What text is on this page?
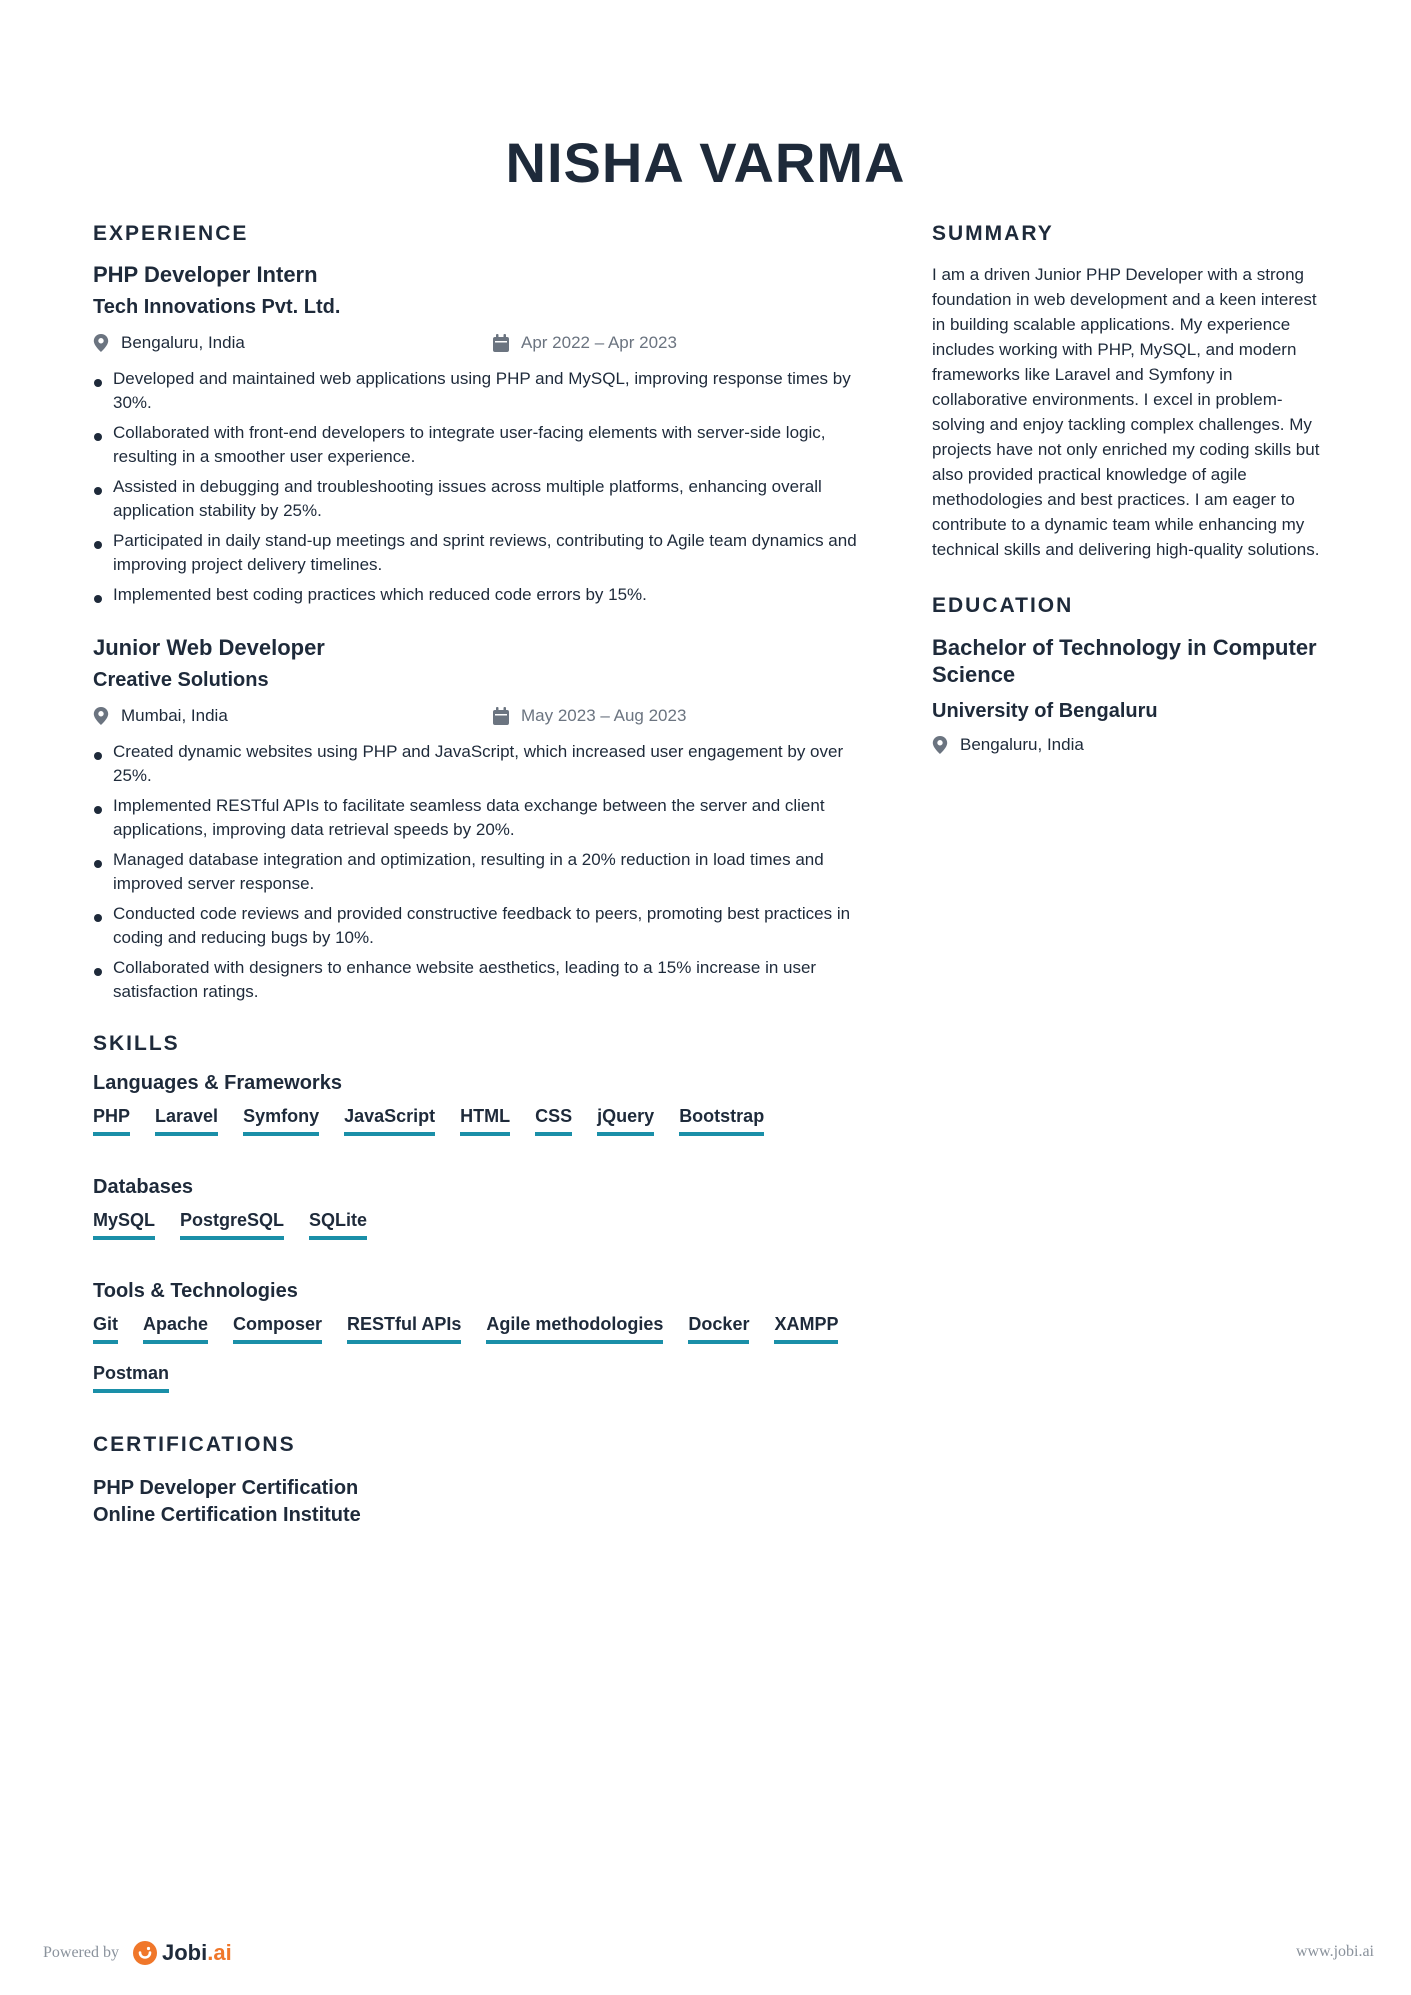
NISHA VARMA
EXPERIENCE
PHP Developer Intern

Tech Innovations Pvt. Ltd.

Bengaluru, India	Apr 2022 – Apr 2023
Developed and maintained web applications using PHP and MySQL, improving response times by 30%.
Collaborated with front-end developers to integrate user-facing elements with server-side logic, resulting in a smoother user experience.
Assisted in debugging and troubleshooting issues across multiple platforms, enhancing overall application stability by 25%.
Participated in daily stand-up meetings and sprint reviews, contributing to Agile team dynamics and improving project delivery timelines.
Implemented best coding practices which reduced code errors by 15%.
Junior Web Developer

Creative Solutions

Mumbai, India	May 2023 – Aug 2023
Created dynamic websites using PHP and JavaScript, which increased user engagement by over 25%.
Implemented RESTful APIs to facilitate seamless data exchange between the server and client applications, improving data retrieval speeds by 20%.
Managed database integration and optimization, resulting in a 20% reduction in load times and improved server response.
Conducted code reviews and provided constructive feedback to peers, promoting best practices in coding and reducing bugs by 10%.
Collaborated with designers to enhance website aesthetics, leading to a 15% increase in user satisfaction ratings.
SKILLS
Languages & Frameworks
PHP Laravel Symfony JavaScript HTML CSS jQuery Bootstrap
Databases
MySQL PostgreSQL SQLite
Tools & Technologies
Git Apache Composer RESTful APIs Agile methodologies Docker XAMPP
Postman
CERTIFICATIONS

PHP Developer Certification

Online Certification Institute

SUMMARY

I am a driven Junior PHP Developer with a strong foundation in web development and a keen interest in building scalable applications. My experience includes working with PHP, MySQL, and modern frameworks like Laravel and Symfony in collaborative environments. I excel in problem-solving and enjoy tackling complex challenges. My projects have not only enriched my coding skills but also provided practical knowledge of agile methodologies and best practices. I am eager to contribute to a dynamic team while enhancing my technical skills and delivering high-quality solutions.

EDUCATION

Bachelor of Technology in Computer Science

University of Bengaluru

Bengaluru, India
Powered by Jobi.ai	www.jobi.ai
